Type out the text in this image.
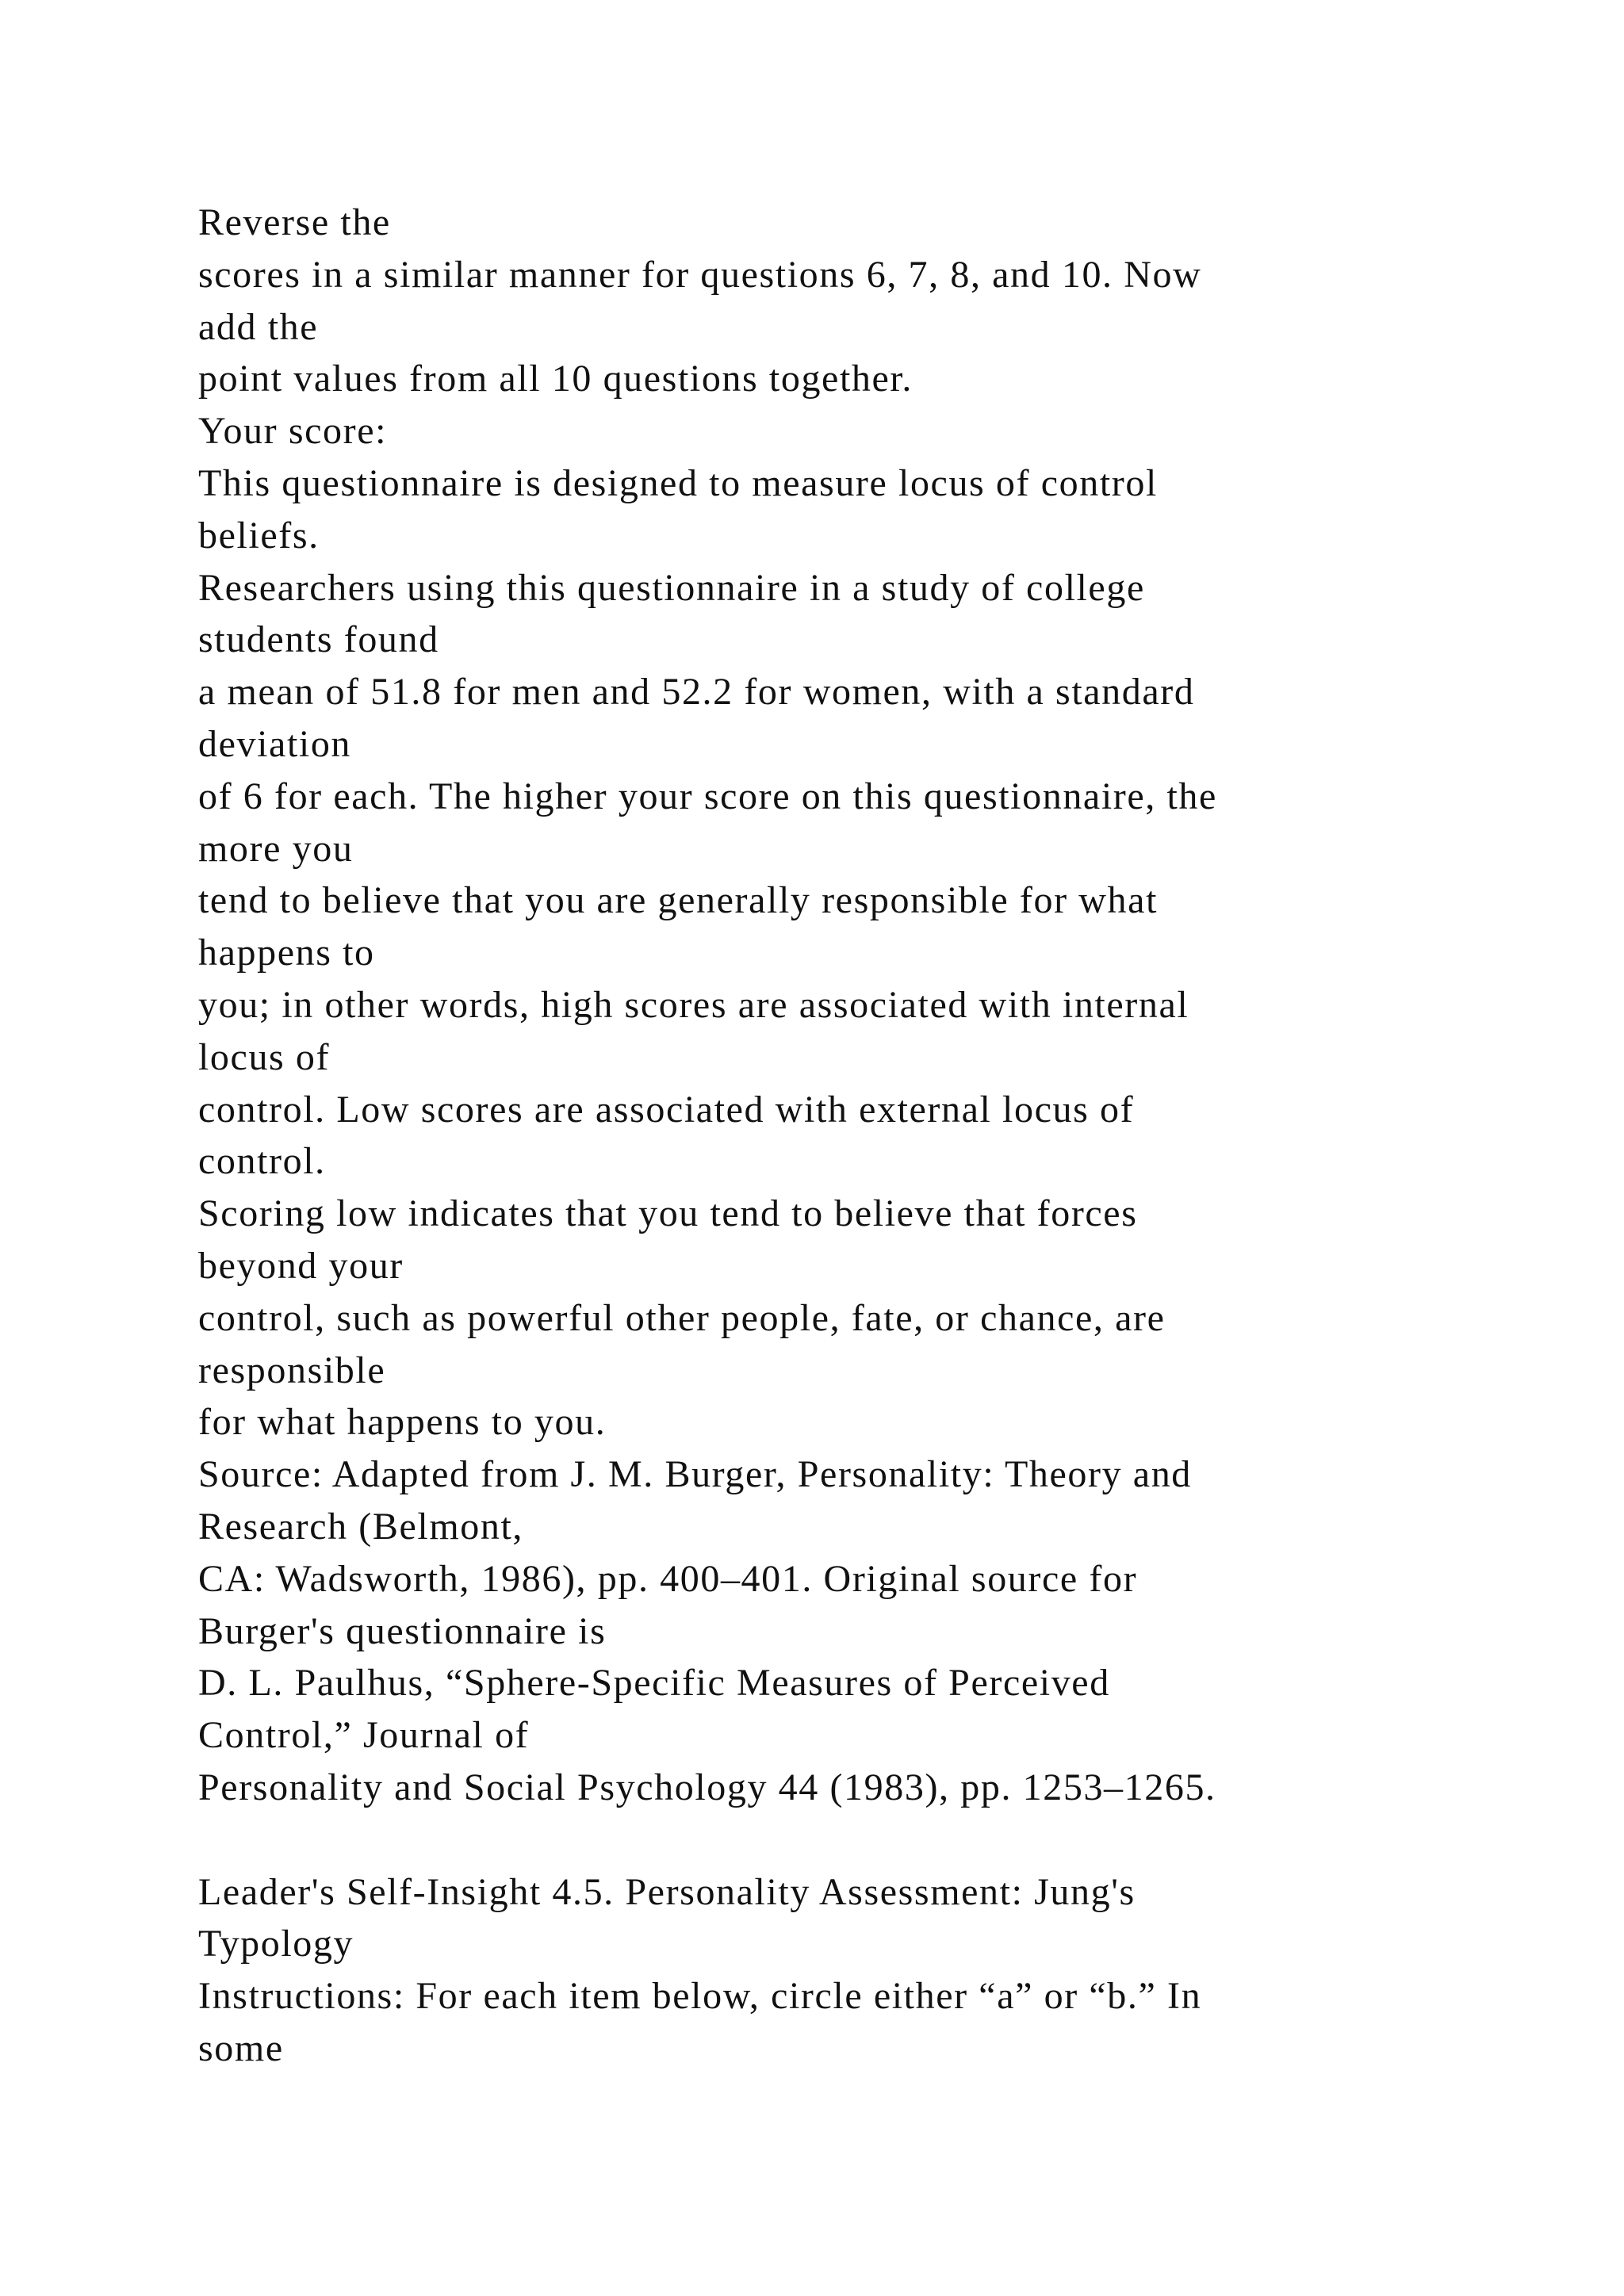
Reverse the
scores in a similar manner for questions 6, 7, 8, and 10. Now
add the
point values from all 10 questions together.
Your score:
This questionnaire is designed to measure locus of control
beliefs.
Researchers using this questionnaire in a study of college
students found
a mean of 51.8 for men and 52.2 for women, with a standard
deviation
of 6 for each. The higher your score on this questionnaire, the
more you
tend to believe that you are generally responsible for what
happens to
you; in other words, high scores are associated with internal
locus of
control. Low scores are associated with external locus of
control.
Scoring low indicates that you tend to believe that forces
beyond your
control, such as powerful other people, fate, or chance, are
responsible
for what happens to you.
Source: Adapted from J. M. Burger, Personality: Theory and
Research (Belmont,
CA: Wadsworth, 1986), pp. 400–401. Original source for
Burger's questionnaire is
D. L. Paulhus, “Sphere-Specific Measures of Perceived
Control,” Journal of
Personality and Social Psychology 44 (1983), pp. 1253–1265.
Leader's Self-Insight 4.5. Personality Assessment: Jung's
Typology
Instructions: For each item below, circle either “a” or “b.” In
some
